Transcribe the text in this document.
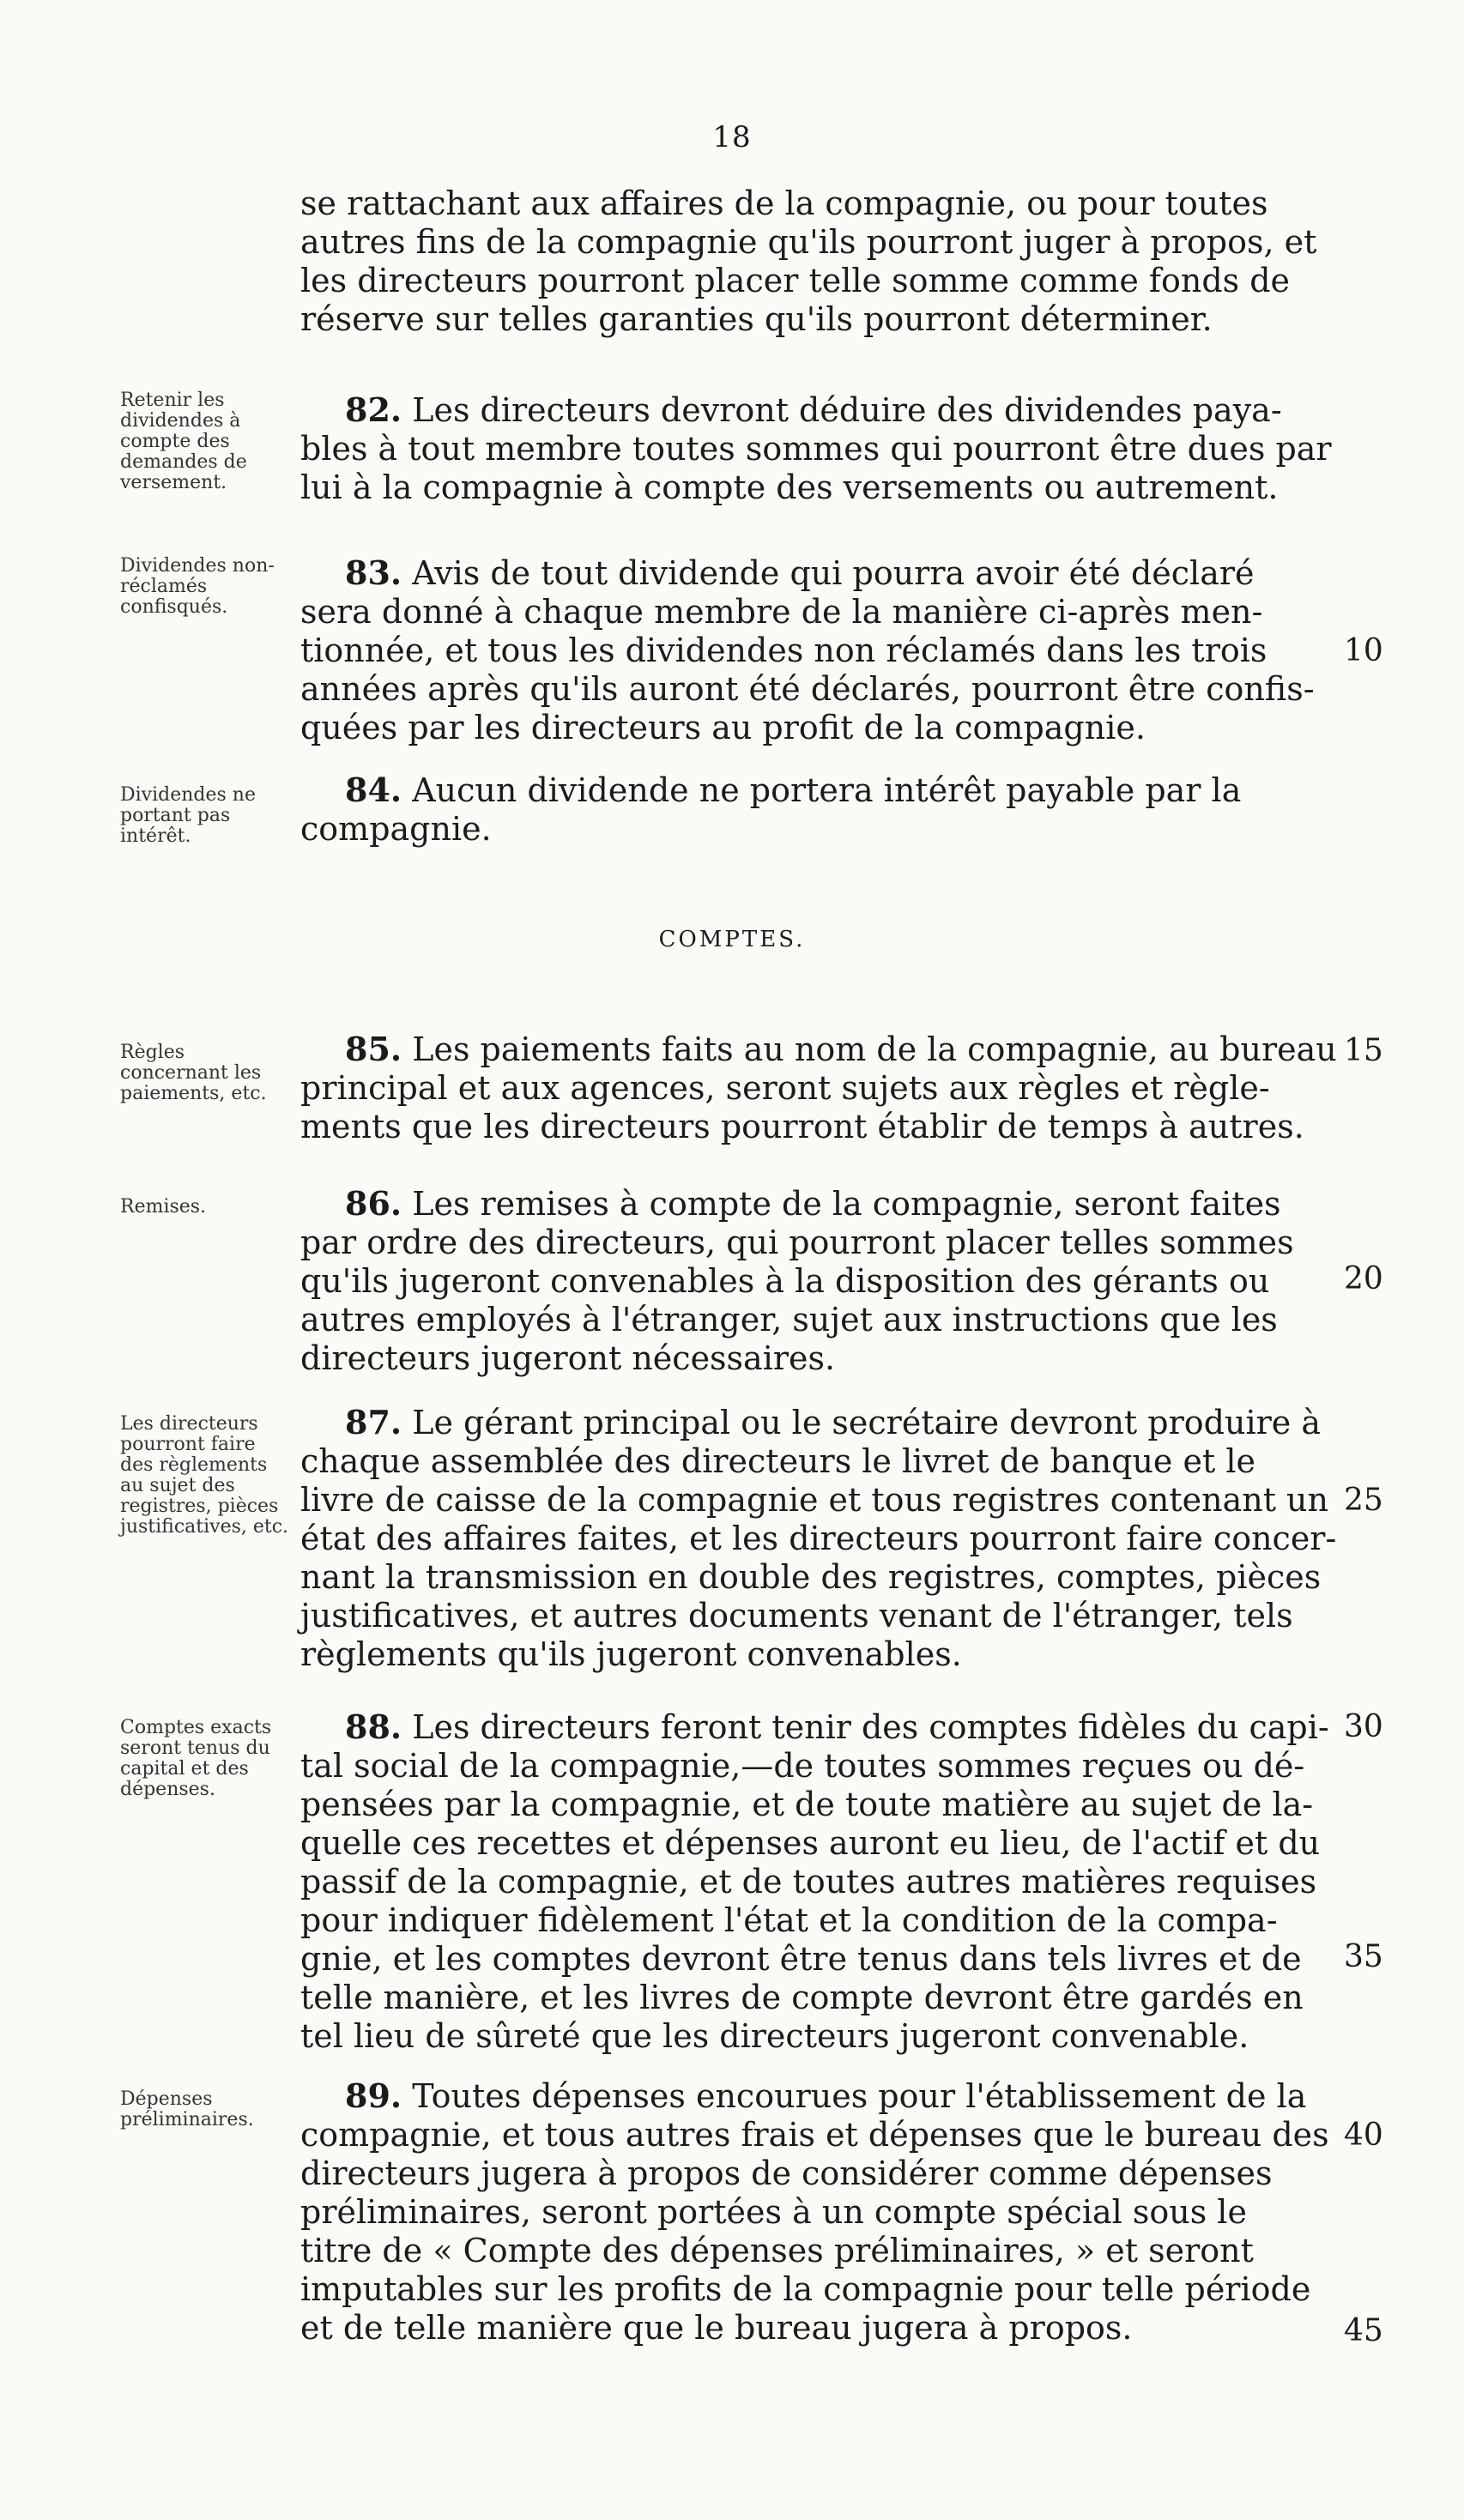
18
se rattachant aux affaires de la compagnie, ou pour toutes
autres fins de la compagnie qu'ils pourront juger à propos, et
les directeurs pourront placer telle somme comme fonds de
réserve sur telles garanties qu'ils pourront déterminer.
Retenir les dividendes à compte des demandes de versement.
82. Les directeurs devront déduire des dividendes paya-
bles à tout membre toutes sommes qui pourront être dues par
lui à la compagnie à compte des versements ou autrement.
Dividendes non-réclamés confisqués.
83. Avis de tout dividende qui pourra avoir été déclaré
sera donné à chaque membre de la manière ci-après men-
tionnée, et tous les dividendes non réclamés dans les trois
années après qu'ils auront été déclarés, pourront être confis-
quées par les directeurs au profit de la compagnie.
10
Dividendes ne portant pas intérêt.
84. Aucun dividende ne portera intérêt payable par la
compagnie.
COMPTES.
Règles concernant les paiements, etc.
85. Les paiements faits au nom de la compagnie, au bureau
principal et aux agences, seront sujets aux règles et règle-
ments que les directeurs pourront établir de temps à autres.
15
Remises.	86. Les remises à compte de la compagnie, seront faites
par ordre des directeurs, qui pourront placer telles sommes
qu'ils jugeront convenables à la disposition des gérants ou
autres employés à l'étranger, sujet aux instructions que les
directeurs jugeront nécessaires.
20
Les directeurs pourront faire des règlements au sujet des registres, pièces justificatives, etc.
87. Le gérant principal ou le secrétaire devront produire à
chaque assemblée des directeurs le livret de banque et le
livre de caisse de la compagnie et tous registres contenant un
état des affaires faites, et les directeurs pourront faire concer-
nant la transmission en double des registres, comptes, pièces
justificatives, et autres documents venant de l'étranger, tels
règlements qu'ils jugeront convenables.
25
Comptes exacts seront tenus du capital et des dépenses.
88. Les directeurs feront tenir des comptes fidèles du capi-
tal social de la compagnie,—de toutes sommes reçues ou dé-
pensées par la compagnie, et de toute matière au sujet de la-
quelle ces recettes et dépenses auront eu lieu, de l'actif et du
passif de la compagnie, et de toutes autres matières requises
pour indiquer fidèlement l'état et la condition de la compa-
gnie, et les comptes devront être tenus dans tels livres et de
telle manière, et les livres de compte devront être gardés en
tel lieu de sûreté que les directeurs jugeront convenable.
30
35
Dépenses préliminaires.
89. Toutes dépenses encourues pour l'établissement de la
compagnie, et tous autres frais et dépenses que le bureau des
directeurs jugera à propos de considérer comme dépenses
préliminaires, seront portées à un compte spécial sous le
titre de « Compte des dépenses préliminaires, » et seront
imputables sur les profits de la compagnie pour telle période
et de telle manière que le bureau jugera à propos.
40
45
